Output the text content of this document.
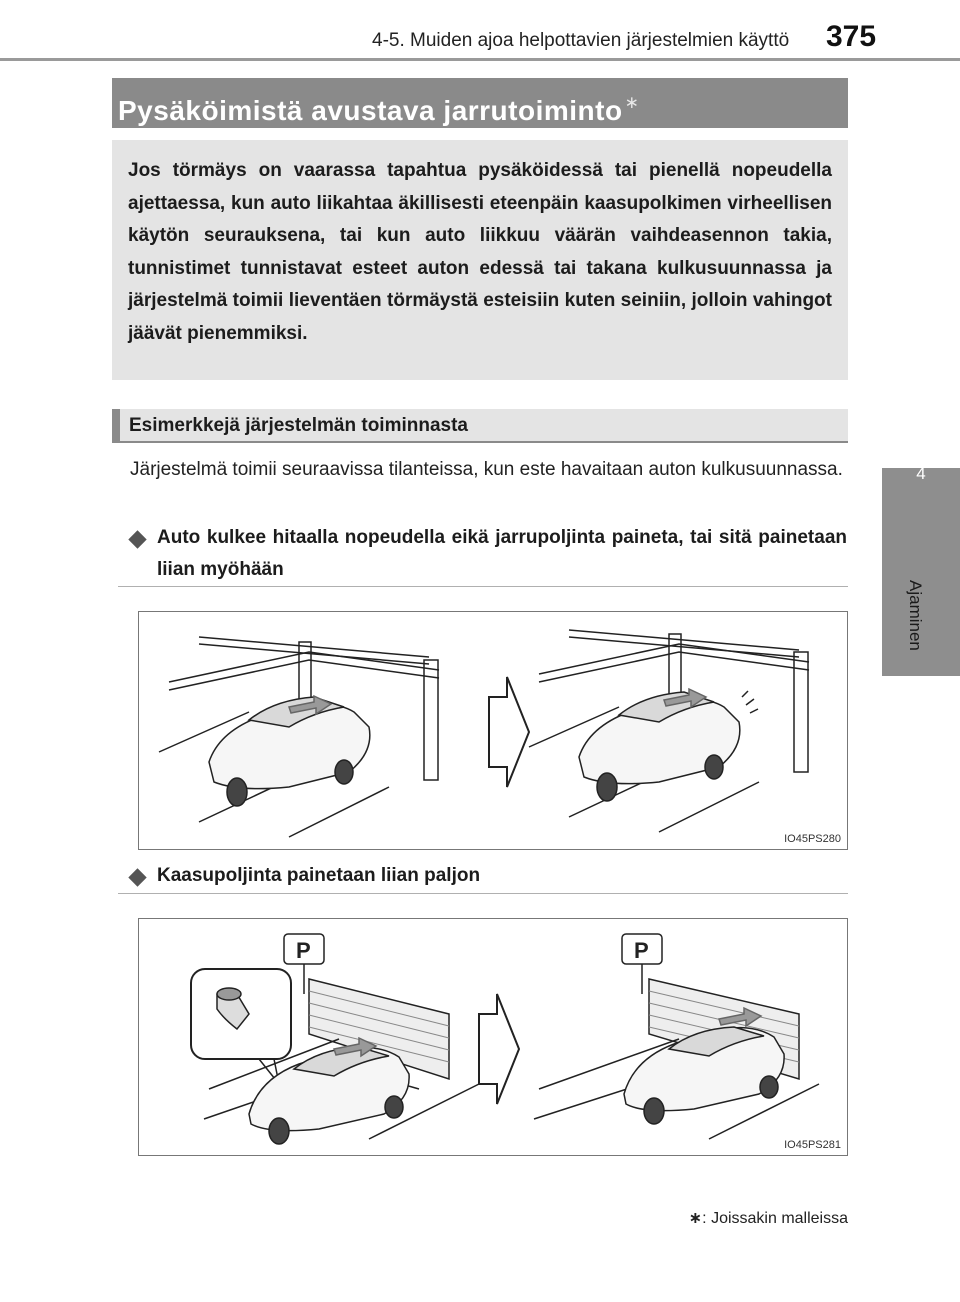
4-5. Muiden ajoa helpottavien järjestelmien käyttö 375
4
Ajaminen
Pysäköimistä avustava jarrutoiminto ∗

Jos törmäys on vaarassa tapahtua pysäköidessä tai pienellä nopeudella ajettaessa, kun auto liikahtaa äkillisesti eteenpäin kaasupolkimen virheellisen käytön seurauksena, tai kun auto liikkuu väärän vaihdeasennon takia, tunnistimet tunnistavat esteet auton edessä tai takana kulkusuunnassa ja järjestelmä toimii lieventäen törmäystä esteisiin kuten seiniin, jolloin vahingot jäävät pienemmiksi.

Esimerkkejä järjestelmän toiminnasta

Järjestelmä toimii seuraavissa tilanteissa, kun este havaitaan auton kulkusuunnassa.

Auto kulkee hitaalla nopeudella eikä jarrupoljinta paineta, tai sitä painetaan liian myöhään

IO45PS280

Kaasupoljinta painetaan liian paljon

P	P
IO45PS281
∗: Joissakin malleissa
